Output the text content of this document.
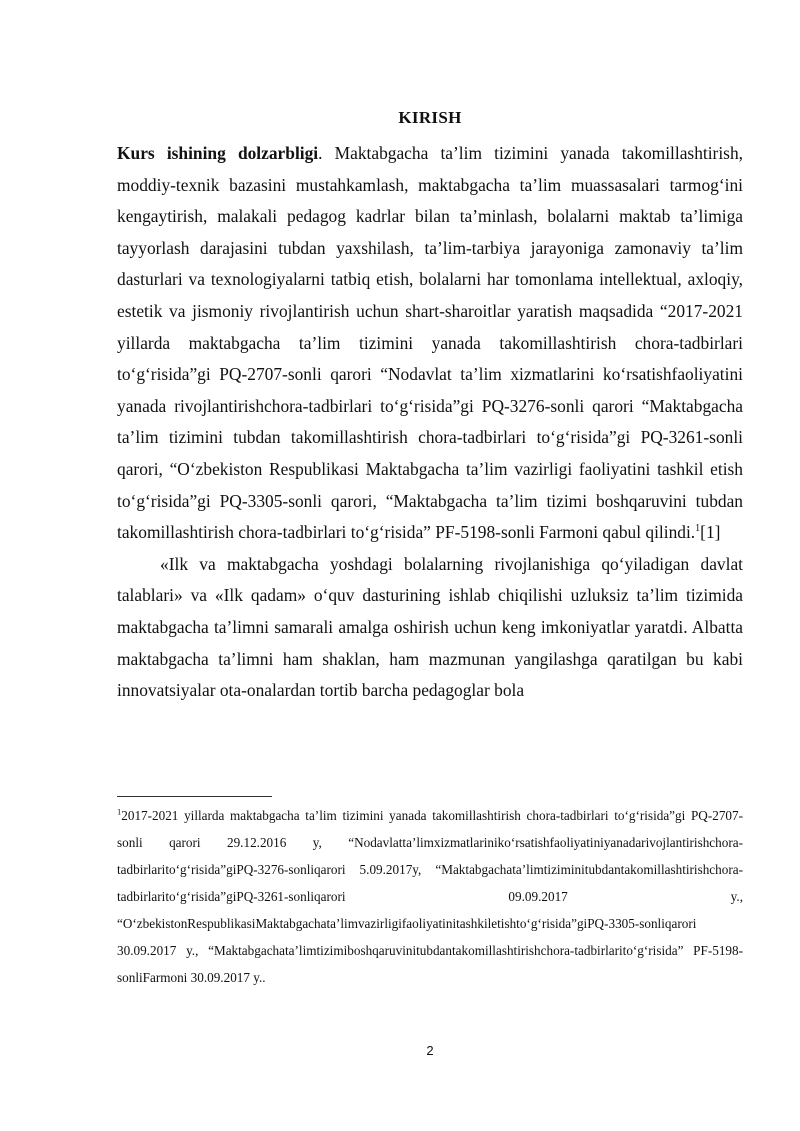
KIRISH

Kurs ishining dolzarbligi. Maktabgacha ta’lim tizimini yanada takomillashtirish, moddiy-texnik bazasini mustahkamlash, maktabgacha ta’lim muassasalari tarmog‘ini kengaytirish, malakali pedagog kadrlar bilan ta’minlash, bolalarni maktab ta’limiga tayyorlash darajasini tubdan yaxshilash, ta’lim-tarbiya jarayoniga zamonaviy ta’lim dasturlari va texnologiyalarni tatbiq etish, bolalarni har tomonlama intellektual, axloqiy, estetik va jismoniy rivojlantirish uchun shart-sharoitlar yaratish maqsadida “2017-2021 yillarda maktabgacha ta’lim tizimini yanada takomillashtirish chora-tadbirlari to‘g‘risida”gi PQ-2707-sonli qarori “Nodavlat ta’lim xizmatlarini ko‘rsatishfaoliyatini yanada rivojlantirishchora-tadbirlari to‘g‘risida”gi PQ-3276-sonli qarori “Maktabgacha ta’lim tizimini tubdan takomillashtirish chora-tadbirlari to‘g‘risida”gi PQ-3261-sonli qarori, “O‘zbekiston Respublikasi Maktabgacha ta’lim vazirligi faoliyatini tashkil etish to‘g‘risida”gi PQ-3305-sonli qarori, “Maktabgacha ta’lim tizimi boshqaruvini tubdan takomillashtirish chora-tadbirlari to‘g‘risida” PF-5198-sonli Farmoni qabul qilindi.$^1$[1]

«Ilk va maktabgacha yoshdagi bolalarning rivojlanishiga qo‘yiladigan davlat talablari» va «Ilk qadam» o‘quv dasturining ishlab chiqilishi uzluksiz ta’lim tizimida maktabgacha ta’limni samarali amalga oshirish uchun keng imkoniyatlar yaratdi. Albatta maktabgacha ta’limni ham shaklan, ham mazmunan yangilashga qaratilgan bu kabi innovatsiyalar ota-onalardan tortib barcha pedagoglar bola

$^1$2017-2021 yillarda maktabgacha ta’lim tizimini yanada takomillashtirish chora-tadbirlari to‘g‘risida”gi PQ-2707-sonli qarori 29.12.2016 y, “Nodavlatta’limxizmatlariniko‘rsatishfaoliyatiniyanadarivojlantirishchora-tadbirlarito‘g‘risida”giPQ-3276-sonliqarori 5.09.2017y, “Maktabgachata’limtiziminitubdantakomillashtirishchora-tadbirlarito‘g‘risida”giPQ-3261-sonliqarori 09.09.2017 y., “O‘zbekistonRespublikasiMaktabgachata’limvazirligifaoliyatinitashkiletishto‘g‘risida”giPQ-3305-sonliqarori 30.09.2017 y., “Maktabgachata’limtizimiboshqaruvinitubdantakomillashtirishchora-tadbirlarito‘g‘risida” PF-5198-sonliFarmoni 30.09.2017 y..
2
